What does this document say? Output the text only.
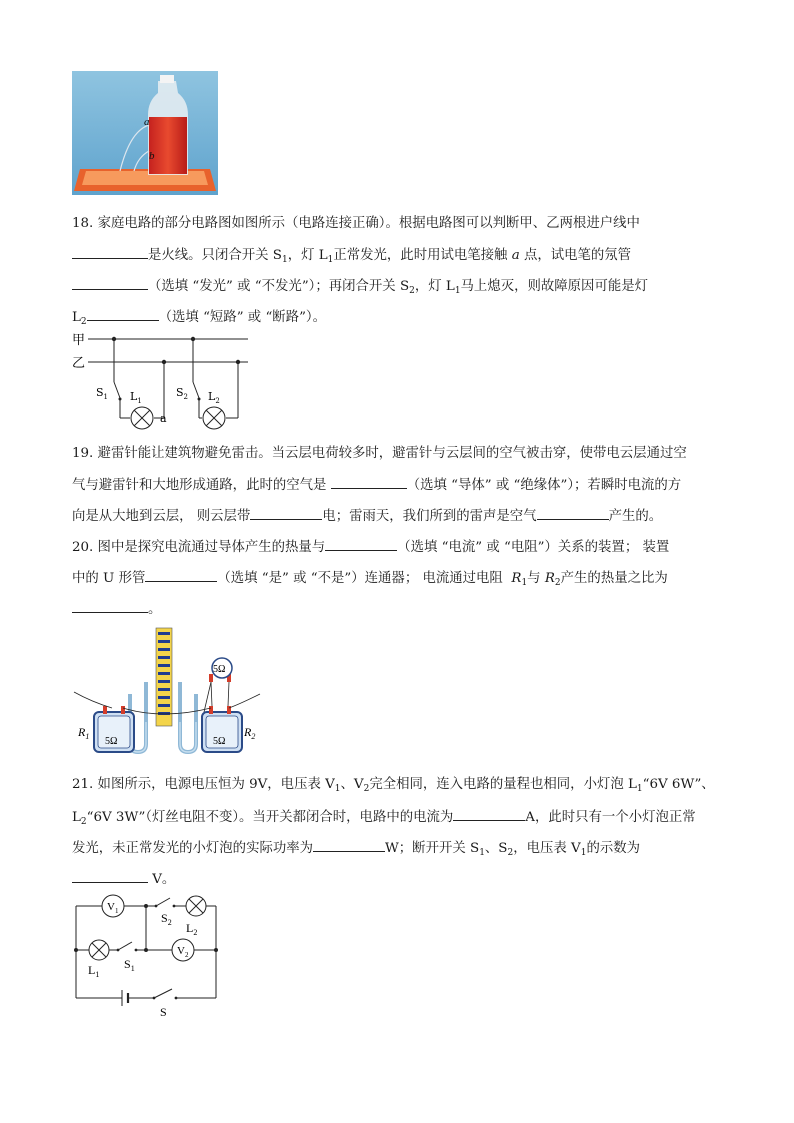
a
b
18. 家庭电路的部分电路图如图所示（电路连接正确）。根据电路图可以判断甲、乙两根进户线中
是火线。只闭合开关 $S_1$，灯 $L_1$正常发光，此时用试电笔接触 a 点，试电笔的氖管
（选填 “发光” 或 “不发光”）；再闭合开关 $S_2$，灯 $L_1$马上熄灭，则故障原因可能是灯
$L_2$	（选填 “短路” 或 “断路”）。
甲
乙
$S_1$ $L_1$
a
$S_2$ $L_2$
19. 避雷针能让建筑物避免雷击。当云层电荷较多时，避雷针与云层间的空气被击穿，使带电云层通过空
气与避雷针和大地形成通路，此时的空气是	（选填 “导体” 或 “绝缘体”）；若瞬时电流的方
向是从大地到云层， 则云层带	电；雷雨天，我们所到的雷声是空气	产生的。
20. 图中是探究电流通过导体产生的热量与	（选填 “电流” 或 “电阻”）关系的装置； 装置
中的 U 形管	（选填 “是” 或 “不是”）连通器； 电流通过电阻 $R_1$与 $R_2$产生的热量之比为
。
5Ω
5Ω	5Ω
$R_1$	$R_2$
21. 如图所示，电源电压恒为 9V，电压表 $V_1$、$V_2$完全相同，连入电路的量程也相同，小灯泡 $L_1“6V$ 6W”、
$L_2“6V$ 3W”（灯丝电阻不变）。当开关都闭合时，电路中的电流为	A，此时只有一个小灯泡正常
发光，未正常发光的小灯泡的实际功率为	W；断开开关 $S_1$、$S_2$，电压表 $V_1$的示数为
V。
$V_1$
$V_2$
$S_2$ $L_2$
$L_1$
$S_1$
S
